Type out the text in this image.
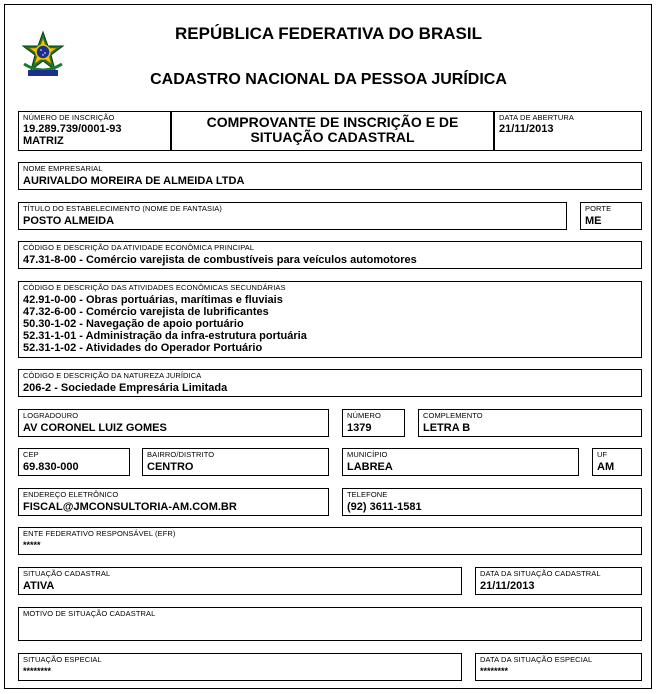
REPÚBLICA FEDERATIVA DO BRASIL
CADASTRO NACIONAL DA PESSOA JURÍDICA
NÚMERO DE INSCRIÇÃO
19.289.739/0001-93
MATRIZ
COMPROVANTE DE INSCRIÇÃO E DE SITUAÇÃO CADASTRAL
DATA DE ABERTURA
21/11/2013
NOME EMPRESARIAL
AURIVALDO MOREIRA DE ALMEIDA LTDA
TÍTULO DO ESTABELECIMENTO (NOME DE FANTASIA)
POSTO ALMEIDA
PORTE
ME
CÓDIGO E DESCRIÇÃO DA ATIVIDADE ECONÔMICA PRINCIPAL
47.31-8-00 - Comércio varejista de combustíveis para veículos automotores
CÓDIGO E DESCRIÇÃO DAS ATIVIDADES ECONÔMICAS SECUNDÁRIAS
42.91-0-00 - Obras portuárias, marítimas e fluviais
47.32-6-00 - Comércio varejista de lubrificantes
50.30-1-02 - Navegação de apoio portuário
52.31-1-01 - Administração da infra-estrutura portuária
52.31-1-02 - Atividades do Operador Portuário
CÓDIGO E DESCRIÇÃO DA NATUREZA JURÍDICA
206-2 - Sociedade Empresária Limitada
LOGRADOURO
AV CORONEL LUIZ GOMES
NÚMERO
1379
COMPLEMENTO
LETRA B
CEP
69.830-000
BAIRRO/DISTRITO
CENTRO
MUNICÍPIO
LABREA
UF
AM
ENDEREÇO ELETRÔNICO
FISCAL@JMCONSULTORIA-AM.COM.BR
TELEFONE
(92) 3611-1581
ENTE FEDERATIVO RESPONSÁVEL (EFR)
*****
SITUAÇÃO CADASTRAL
ATIVA
DATA DA SITUAÇÃO CADASTRAL
21/11/2013
MOTIVO DE SITUAÇÃO CADASTRAL
SITUAÇÃO ESPECIAL
********
DATA DA SITUAÇÃO ESPECIAL
********
